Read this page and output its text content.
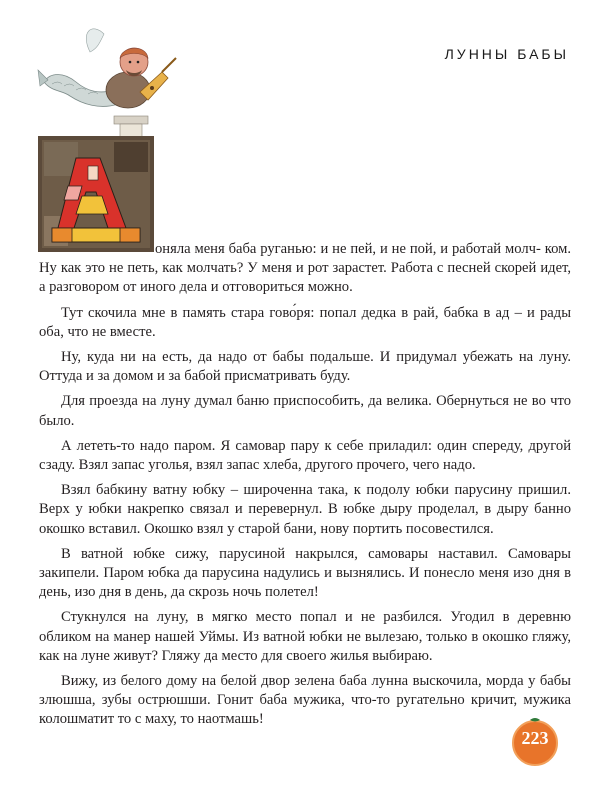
ЛУННЫ БАБЫ

оняла меня баба руганью: и не пей, и не пой, и работай молч- ком. Ну как это не петь, как молчать? У меня и рот зарастет. Работа с песней скорей идет, а разговором от иного дела и отговориться можно.

Тут скочила мне в память стара гово́ря: попал дедка в рай, бабка в ад – и рады оба, что не вместе.

Ну, куда ни на есть, да надо от бабы подальше. И придумал убежать на луну. Оттуда и за домом и за бабой присматривать буду.

Для проезда на луну думал баню приспособить, да велика. Обернуться не во что было.

А лететь-то надо паром. Я самовар пару к себе приладил: один спереду, другой сзаду. Взял запас уголья, взял запас хлеба, другого прочего, чего надо.

Взял бабкину ватну юбку – широченна така, к подолу юбки парусину пришил. Верх у юбки накрепко связал и перевернул. В юбке дыру проделал, в дыру банно окошко вставил. Окошко взял у старой бани, нову портить посовестился.

В ватной юбке сижу, парусиной накрылся, самовары наставил. Самовары закипели. Паром юбка да парусина надулись и вызнялись. И понесло меня изо дня в день, изо дня в день, да скрозь ночь полетел!

Стукнулся на луну, в мягко место попал и не разбился. Угодил в деревню обликом на манер нашей Уймы. Из ватной юбки не вылезаю, только в окошко гляжу, как на луне живут? Гляжу да место для своего жилья выбираю.

Вижу, из белого дому на белой двор зелена баба лунна выскочила, морда у бабы злюшша, зубы острюшши. Гонит баба мужика, что-то ругательно кричит, мужика колошматит то с маху, то наотмашь!

223
